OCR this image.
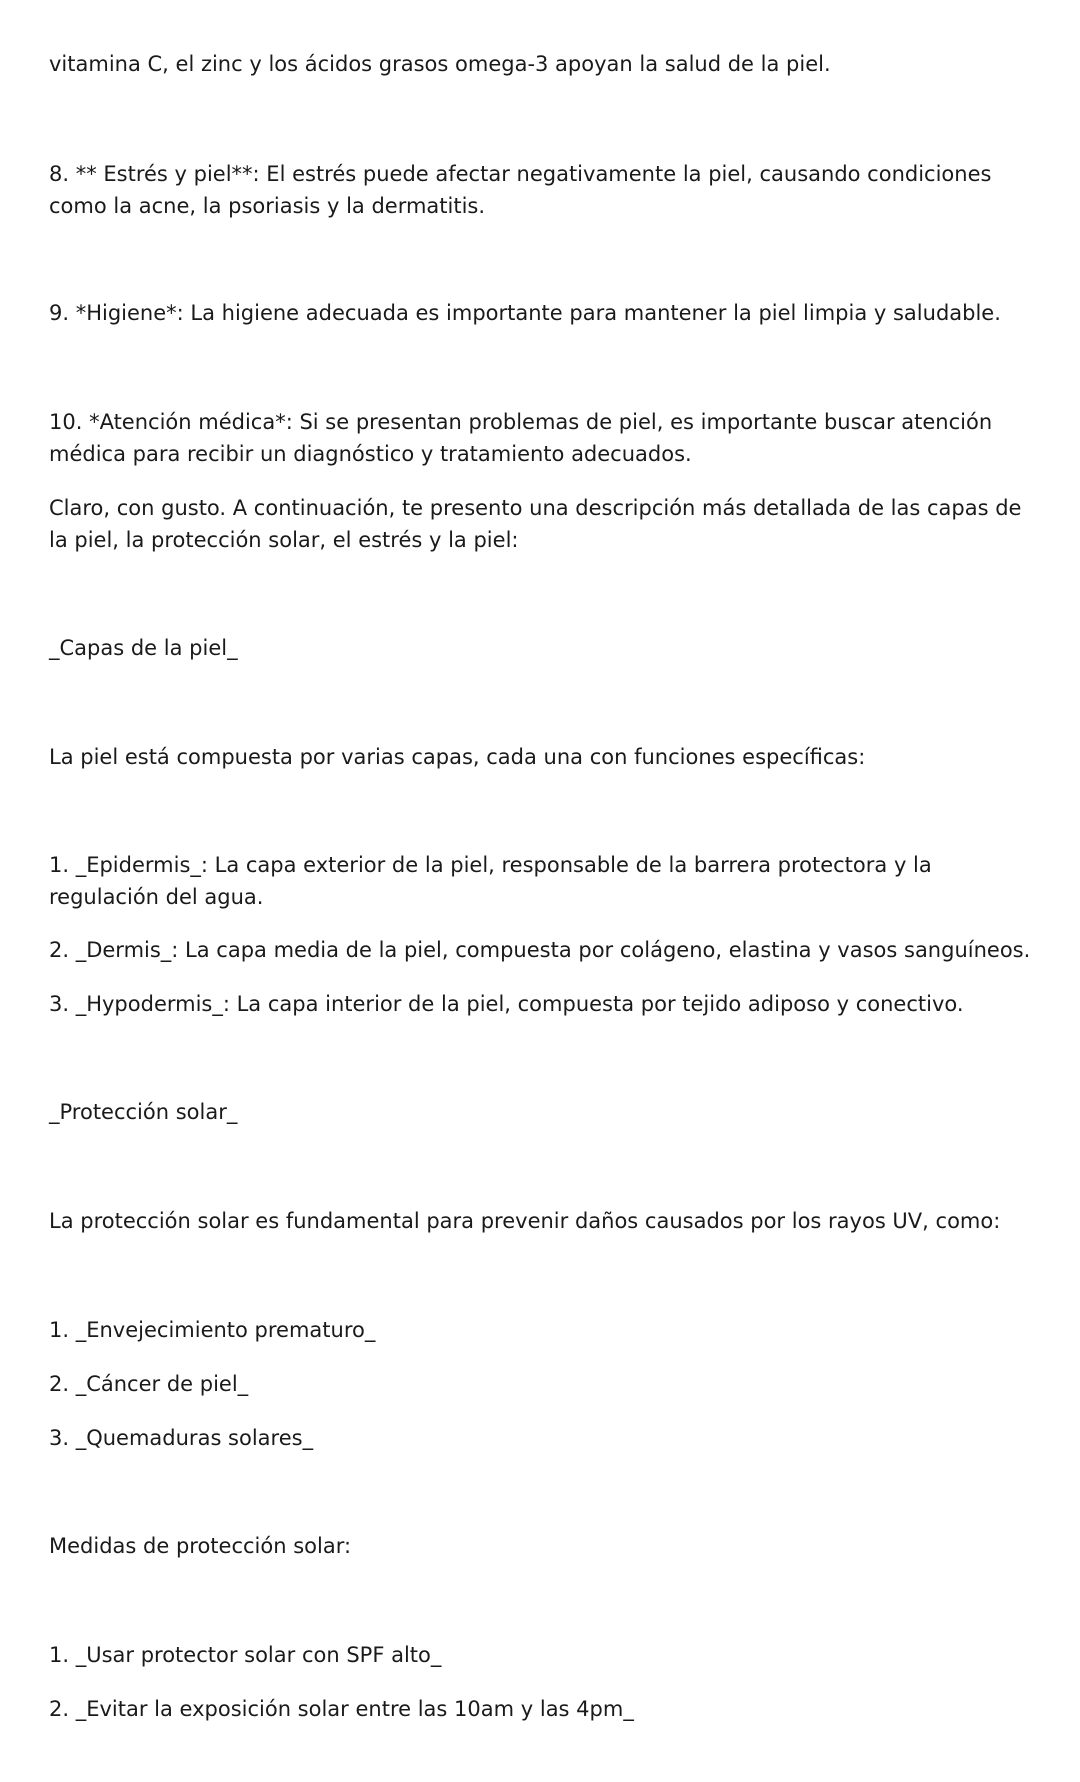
vitamina C, el zinc y los ácidos grasos omega-3 apoyan la salud de la piel.

8. ** Estrés y piel**: El estrés puede afectar negativamente la piel, causando condiciones como la acne, la psoriasis y la dermatitis.

9. *Higiene*: La higiene adecuada es importante para mantener la piel limpia y saludable.

10. *Atención médica*: Si se presentan problemas de piel, es importante buscar atención médica para recibir un diagnóstico y tratamiento adecuados.

Claro, con gusto. A continuación, te presento una descripción más detallada de las capas de la piel, la protección solar, el estrés y la piel:

_Capas de la piel_

La piel está compuesta por varias capas, cada una con funciones específicas:

1. _Epidermis_: La capa exterior de la piel, responsable de la barrera protectora y la regulación del agua.

2. _Dermis_: La capa media de la piel, compuesta por colágeno, elastina y vasos sanguíneos.

3. _Hypodermis_: La capa interior de la piel, compuesta por tejido adiposo y conectivo.

_Protección solar_

La protección solar es fundamental para prevenir daños causados por los rayos UV, como:

1. _Envejecimiento prematuro_

2. _Cáncer de piel_

3. _Quemaduras solares_

Medidas de protección solar:

1. _Usar protector solar con SPF alto_

2. _Evitar la exposición solar entre las 10am y las 4pm_
